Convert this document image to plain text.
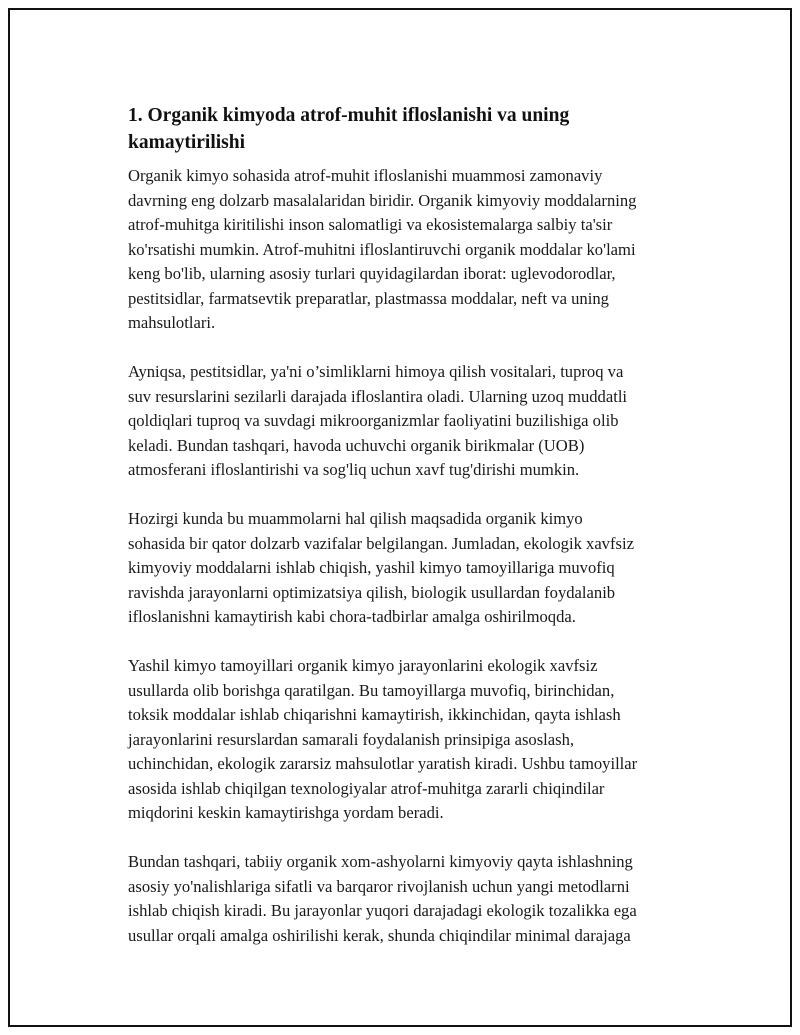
1. Organik kimyoda atrof-muhit ifloslanishi va uning
kamaytirilishi

Organik kimyo sohasida atrof-muhit ifloslanishi muammosi zamonaviy
davrning eng dolzarb masalalaridan biridir. Organik kimyoviy moddalarning
atrof-muhitga kiritilishi inson salomatligi va ekosistemalarga salbiy ta'sir
ko'rsatishi mumkin. Atrof-muhitni ifloslantiruvchi organik moddalar ko'lami
keng bo'lib, ularning asosiy turlari quyidagilardan iborat: uglevodorodlar,
pestitsidlar, farmatsevtik preparatlar, plastmassa moddalar, neft va uning
mahsulotlari.

Ayniqsa, pestitsidlar, ya'ni o’simliklarni himoya qilish vositalari, tuproq va
suv resurslarini sezilarli darajada ifloslantira oladi. Ularning uzoq muddatli
qoldiqlari tuproq va suvdagi mikroorganizmlar faoliyatini buzilishiga olib
keladi. Bundan tashqari, havoda uchuvchi organik birikmalar (UOB)
atmosferani ifloslantirishi va sog'liq uchun xavf tug'dirishi mumkin.

Hozirgi kunda bu muammolarni hal qilish maqsadida organik kimyo
sohasida bir qator dolzarb vazifalar belgilangan. Jumladan, ekologik xavfsiz
kimyoviy moddalarni ishlab chiqish, yashil kimyo tamoyillariga muvofiq
ravishda jarayonlarni optimizatsiya qilish, biologik usullardan foydalanib
ifloslanishni kamaytirish kabi chora-tadbirlar amalga oshirilmoqda.

Yashil kimyo tamoyillari organik kimyo jarayonlarini ekologik xavfsiz
usullarda olib borishga qaratilgan. Bu tamoyillarga muvofiq, birinchidan,
toksik moddalar ishlab chiqarishni kamaytirish, ikkinchidan, qayta ishlash
jarayonlarini resurslardan samarali foydalanish prinsipiga asoslash,
uchinchidan, ekologik zararsiz mahsulotlar yaratish kiradi. Ushbu tamoyillar
asosida ishlab chiqilgan texnologiyalar atrof-muhitga zararli chiqindilar
miqdorini keskin kamaytirishga yordam beradi.

Bundan tashqari, tabiiy organik xom-ashyolarni kimyoviy qayta ishlashning
asosiy yo'nalishlariga sifatli va barqaror rivojlanish uchun yangi metodlarni
ishlab chiqish kiradi. Bu jarayonlar yuqori darajadagi ekologik tozalikka ega
usullar orqali amalga oshirilishi kerak, shunda chiqindilar minimal darajaga
